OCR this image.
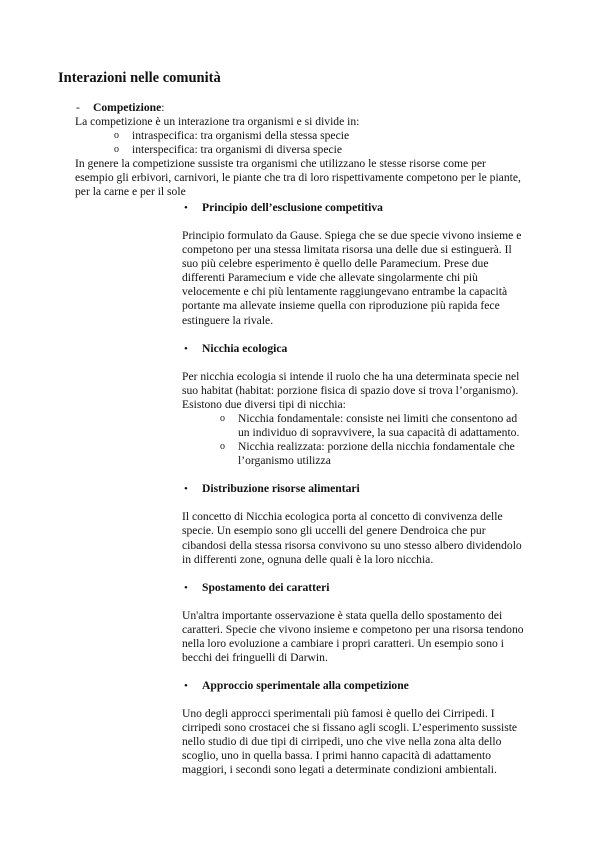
Interazioni nelle comunità
- Competizione:
La competizione è un interazione tra organismi e si divide in:
o intraspecifica: tra organismi della stessa specie
o interspecifica: tra organismi di diversa specie
In genere la competizione sussiste tra organismi che utilizzano le stesse risorse come per
esempio gli erbivori, carnivori, le piante che tra di loro rispettivamente competono per le piante,
per la carne e per il sole
• Principio dell’esclusione competitiva
Principio formulato da Gause. Spiega che se due specie vivono insieme e
competono per una stessa limitata risorsa una delle due si estinguerà. Il
suo più celebre esperimento è quello delle Paramecium. Prese due
differenti Paramecium e vide che allevate singolarmente chi più
velocemente e chi più lentamente raggiungevano entrambe la capacità
portante ma allevate insieme quella con riproduzione più rapida fece
estinguere la rivale.
• Nicchia ecologica
Per nicchia ecologia si intende il ruolo che ha una determinata specie nel
suo habitat (habitat: porzione fisica di spazio dove si trova l’organismo).
Esistono due diversi tipi di nicchia:
o Nicchia fondamentale: consiste nei limiti che consentono ad
un individuo di sopravvivere, la sua capacità di adattamento.
o Nicchia realizzata: porzione della nicchia fondamentale che
l’organismo utilizza
• Distribuzione risorse alimentari
Il concetto di Nicchia ecologica porta al concetto di convivenza delle
specie. Un esempio sono gli uccelli del genere Dendroica che pur
cibandosi della stessa risorsa convivono su uno stesso albero dividendolo
in differenti zone, ognuna delle quali è la loro nicchia.
• Spostamento dei caratteri
Un'altra importante osservazione è stata quella dello spostamento dei
caratteri. Specie che vivono insieme e competono per una risorsa tendono
nella loro evoluzione a cambiare i propri caratteri. Un esempio sono i
becchi dei fringuelli di Darwin.
• Approccio sperimentale alla competizione
Uno degli approcci sperimentali più famosi è quello dei Cirripedi. I
cirripedi sono crostacei che si fissano agli scogli. L’esperimento sussiste
nello studio di due tipi di cirripedi, uno che vive nella zona alta dello
scoglio, uno in quella bassa. I primi hanno capacità di adattamento
maggiori, i secondi sono legati a determinate condizioni ambientali.
